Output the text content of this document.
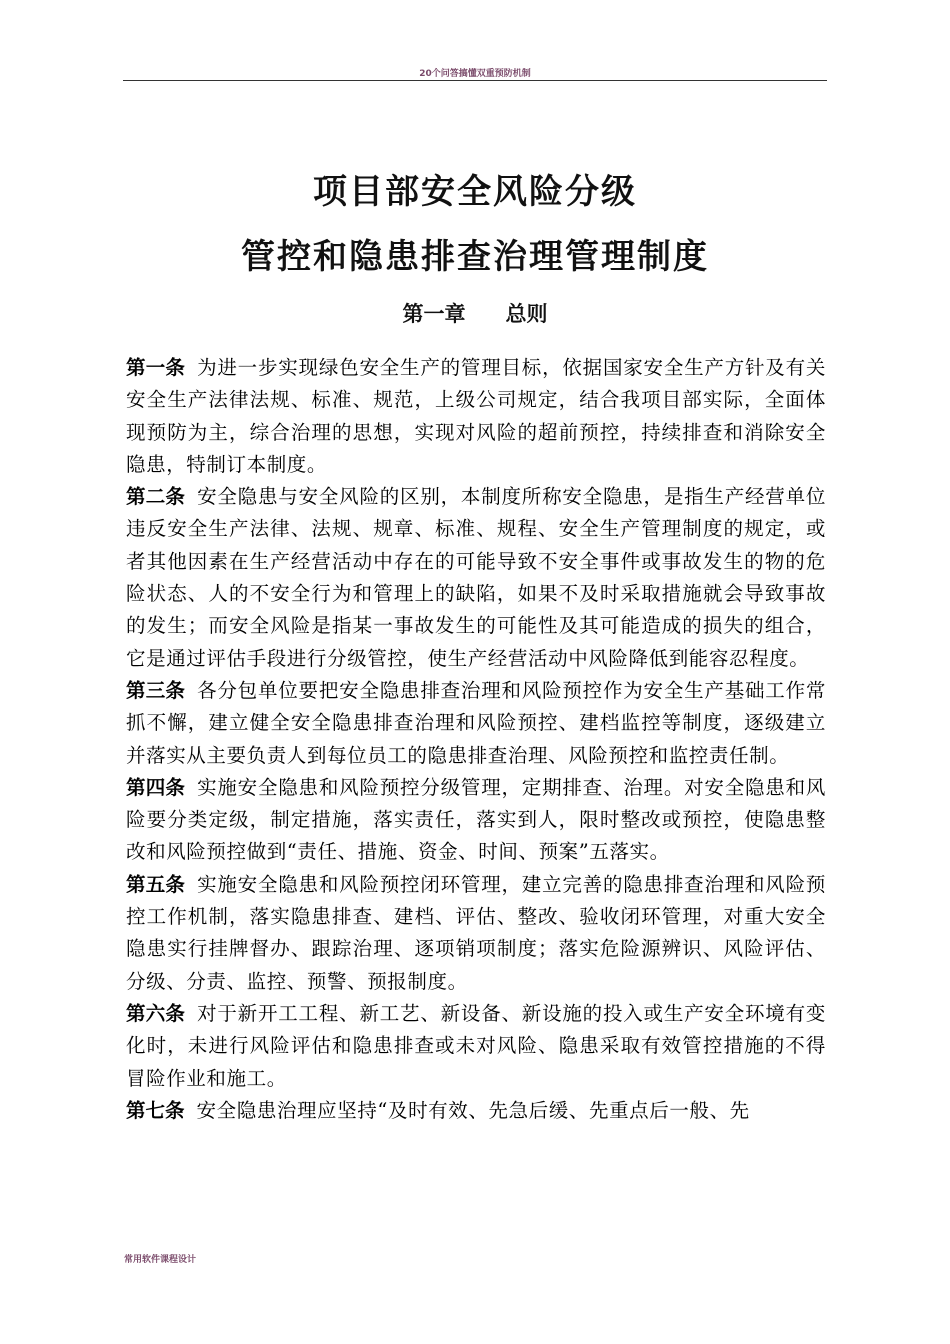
20个问答搞懂双重预防机制
项目部安全风险分级
管控和隐患排查治理管理制度
第一章 总则

第一条 为进一步实现绿色安全生产的管理目标，依据国家安全生产方针及有关安全生产法律法规、标准、规范，上级公司规定，结合我项目部实际，全面体现预防为主，综合治理的思想，实现对风险的超前预控，持续排查和消除安全隐患，特制订本制度。

第二条 安全隐患与安全风险的区别，本制度所称安全隐患，是指生产经营单位违反安全生产法律、法规、规章、标准、规程、安全生产管理制度的规定，或者其他因素在生产经营活动中存在的可能导致不安全事件或事故发生的物的危险状态、人的不安全行为和管理上的缺陷，如果不及时采取措施就会导致事故的发生；而安全风险是指某一事故发生的可能性及其可能造成的损失的组合，它是通过评估手段进行分级管控，使生产经营活动中风险降低到能容忍程度。

第三条 各分包单位要把安全隐患排查治理和风险预控作为安全生产基础工作常抓不懈，建立健全安全隐患排查治理和风险预控、建档监控等制度，逐级建立并落实从主要负责人到每位员工的隐患排查治理、风险预控和监控责任制。

第四条 实施安全隐患和风险预控分级管理，定期排查、治理。对安全隐患和风险要分类定级，制定措施，落实责任，落实到人，限时整改或预控，使隐患整改和风险预控做到“责任、措施、资金、时间、预案”五落实。

第五条 实施安全隐患和风险预控闭环管理，建立完善的隐患排查治理和风险预控工作机制，落实隐患排查、建档、评估、整改、验收闭环管理，对重大安全隐患实行挂牌督办、跟踪治理、逐项销项制度；落实危险源辨识、风险评估、分级、分责、监控、预警、预报制度。

第六条 对于新开工工程、新工艺、新设备、新设施的投入或生产安全环境有变化时，未进行风险评估和隐患排查或未对风险、隐患采取有效管控措施的不得冒险作业和施工。

第七条 安全隐患治理应坚持“及时有效、先急后缓、先重点后一般、先

常用软件课程设计
